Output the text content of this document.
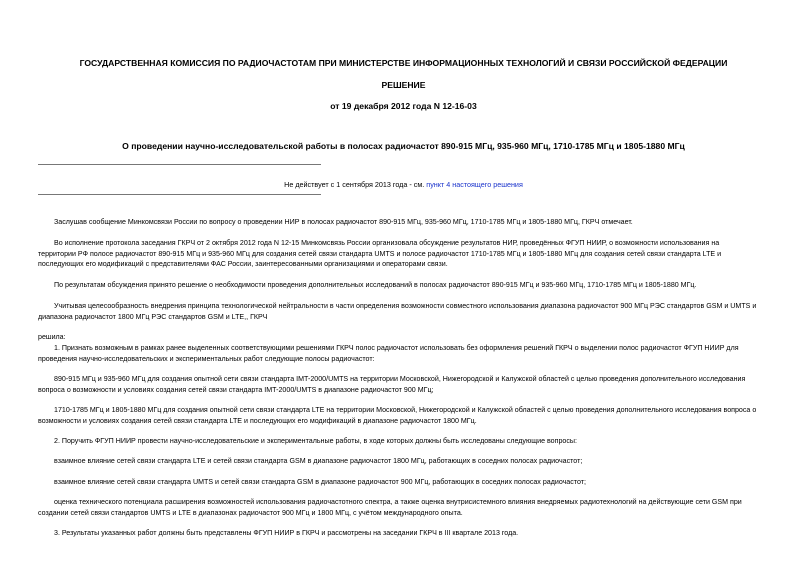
ГОСУДАРСТВЕННАЯ КОМИССИЯ ПО РАДИОЧАСТОТАМ ПРИ МИНИСТЕРСТВЕ ИНФОРМАЦИОННЫХ ТЕХНОЛОГИЙ И СВЯЗИ РОССИЙСКОЙ ФЕДЕРАЦИИ
РЕШЕНИЕ
от 19 декабря 2012 года N 12-16-03
О проведении научно-исследовательской работы в полосах радиочастот 890-915 МГц, 935-960 МГц, 1710-1785 МГц и 1805-1880 МГц
Не действует с 1 сентября 2013 года - см. пункт 4 настоящего решения
Заслушав сообщение Минкомсвязи России по вопросу о проведении НИР в полосах радиочастот 890-915 МГц, 935-960 МГц, 1710-1785 МГц и 1805-1880 МГц, ГКРЧ отмечает.
Во исполнение протокола заседания ГКРЧ от 2 октября 2012 года N 12-15 Минкомсвязь России организовала обсуждение результатов НИР, проведённых ФГУП НИИР, о возможности использования на
территории РФ полосе радиочастот 890-915 МГц и 935-960 МГц для создания сетей связи стандарта UMTS и полосе радиочастот 1710-1785 МГц и 1805-1880 МГц для создания сетей связи стандарта LTE и
последующих его модификаций с представителями ФАС России, заинтересованными организациями и операторами связи.
По результатам обсуждения принято решение о необходимости проведения дополнительных исследований в полосах радиочастот 890-915 МГц и 935-960 МГц, 1710-1785 МГц и 1805-1880 МГц.
Учитывая целесообразность внедрения принципа технологической нейтральности в части определения возможности совместного использования диапазона радиочастот 900 МГц РЭС стандартов GSM и UMTS и
диапазона радиочастот 1800 МГц РЭС стандартов GSM и LTE,, ГКРЧ
решила:
1. Признать возможным в рамках ранее выделенных соответствующими решениями ГКРЧ полос радиочастот использовать без оформления решений ГКРЧ о выделении полос радиочастот ФГУП НИИР для
проведения научно-исследовательских и экспериментальных работ следующие полосы радиочастот:
890-915 МГц и 935-960 МГц для создания опытной сети связи стандарта IMT-2000/UMTS на территории Московской, Нижегородской и Калужской областей с целью проведения дополнительного исследования
вопроса о возможности и условиях создания сетей связи стандарта IMT-2000/UMTS в диапазоне радиочастот 900 МГц;
1710-1785 МГц и 1805-1880 МГц для создания опытной сети связи стандарта LTE на территории Московской, Нижегородской и Калужской областей с целью проведения дополнительного исследования вопроса о
возможности и условиях создания сетей связи стандарта LTE и последующих его модификаций в диапазоне радиочастот 1800 МГц.
2. Поручить ФГУП НИИР провести научно-исследовательские и экспериментальные работы, в ходе которых должны быть исследованы следующие вопросы:
взаимное влияние сетей связи стандарта LTE и сетей связи стандарта GSM в диапазоне радиочастот 1800 МГц, работающих в соседних полосах радиочастот;
взаимное влияние сетей связи стандарта UMTS и сетей связи стандарта GSM в диапазоне радиочастот 900 МГц, работающих в соседних полосах радиочастот;
оценка технического потенциала расширения возможностей использования радиочастотного спектра, а также оценка внутрисистемного влияния внедряемых радиотехнологий на действующие сети GSM при
создании сетей связи стандартов UMTS и LTE в диапазонах радиочастот 900 МГц и 1800 МГц, с учётом международного опыта.
3. Результаты указанных работ должны быть представлены ФГУП НИИР в ГКРЧ и рассмотрены на заседании ГКРЧ в III квартале 2013 года.
